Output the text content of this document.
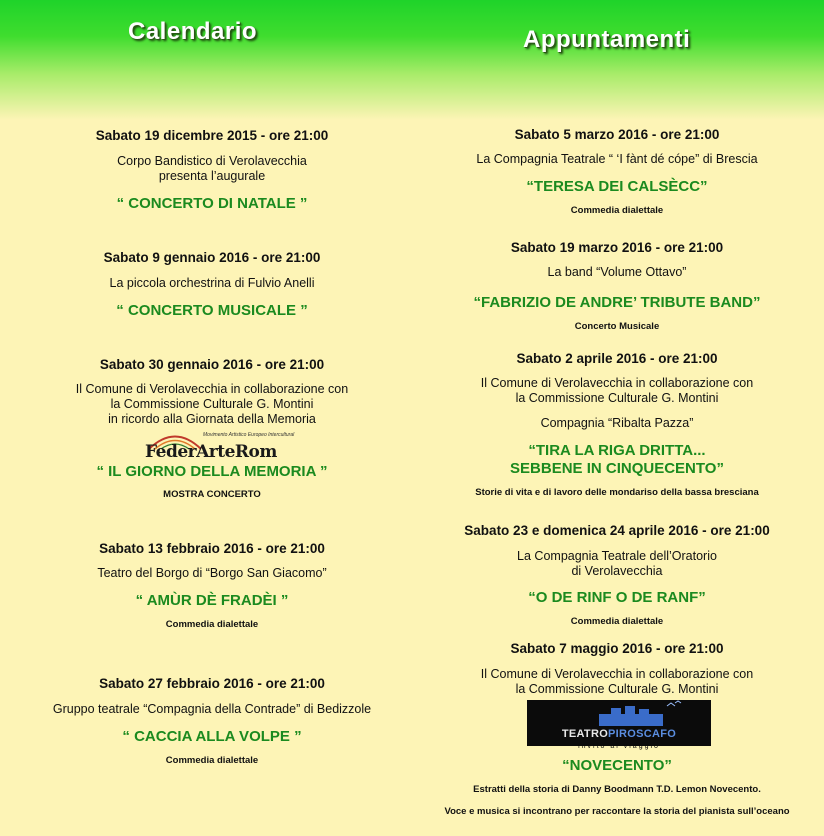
Calendario	Appuntamenti

Sabato 19 dicembre 2015 - ore 21:00

Corpo Bandistico di Verolavecchia

presenta l’augurale

“ CONCERTO DI NATALE ”

Sabato 9 gennaio 2016 - ore 21:00

La piccola orchestrina di Fulvio Anelli

“ CONCERTO MUSICALE ”

Sabato 30 gennaio 2016 - ore 21:00

Il Comune di Verolavecchia in collaborazione con

la Commissione Culturale G. Montini

in ricordo alla Giornata della Memoria

“ IL GIORNO DELLA MEMORIA ”

MOSTRA CONCERTO

Sabato 13 febbraio 2016 - ore 21:00

Teatro del Borgo di “Borgo San Giacomo”

“ AMÙR DÈ FRADÈI ”

Commedia dialettale

Sabato 27 febbraio 2016 - ore 21:00

Gruppo teatrale “Compagnia della Contrade” di Bedizzole

“ CACCIA ALLA VOLPE ”

Commedia dialettale

Movimento Artistico Europeo Intercultural
FederArteRom

Sabato 5 marzo 2016 - ore 21:00

La Compagnia Teatrale “ ‘I fànt dé cópe” di Brescia

“TERESA DEI CALSÈCC”

Commedia dialettale

Sabato 19 marzo 2016 - ore 21:00

La band “Volume Ottavo”

“FABRIZIO DE ANDRE’ TRIBUTE BAND”

Concerto Musicale

Sabato 2 aprile 2016 - ore 21:00

Il Comune di Verolavecchia in collaborazione con

la Commissione Culturale G. Montini

Compagnia “Ribalta Pazza”

“TIRA LA RIGA DRITTA...

SEBBENE IN CINQUECENTO”

Storie di vita e di lavoro delle mondariso della bassa bresciana

Sabato 23 e domenica 24 aprile 2016 - ore 21:00

La Compagnia Teatrale dell’Oratorio

di Verolavecchia

“O DE RINF O DE RANF”

Commedia dialettale

Sabato 7 maggio 2016 - ore 21:00

Il Comune di Verolavecchia in collaborazione con

la Commissione Culturale G. Montini

“NOVECENTO”

Estratti della storia di Danny Boodmann T.D. Lemon Novecento.

Voce e musica si incontrano per raccontare la storia del pianista sull’oceano

TEATROPIROSCAFO
invito al viaggio
